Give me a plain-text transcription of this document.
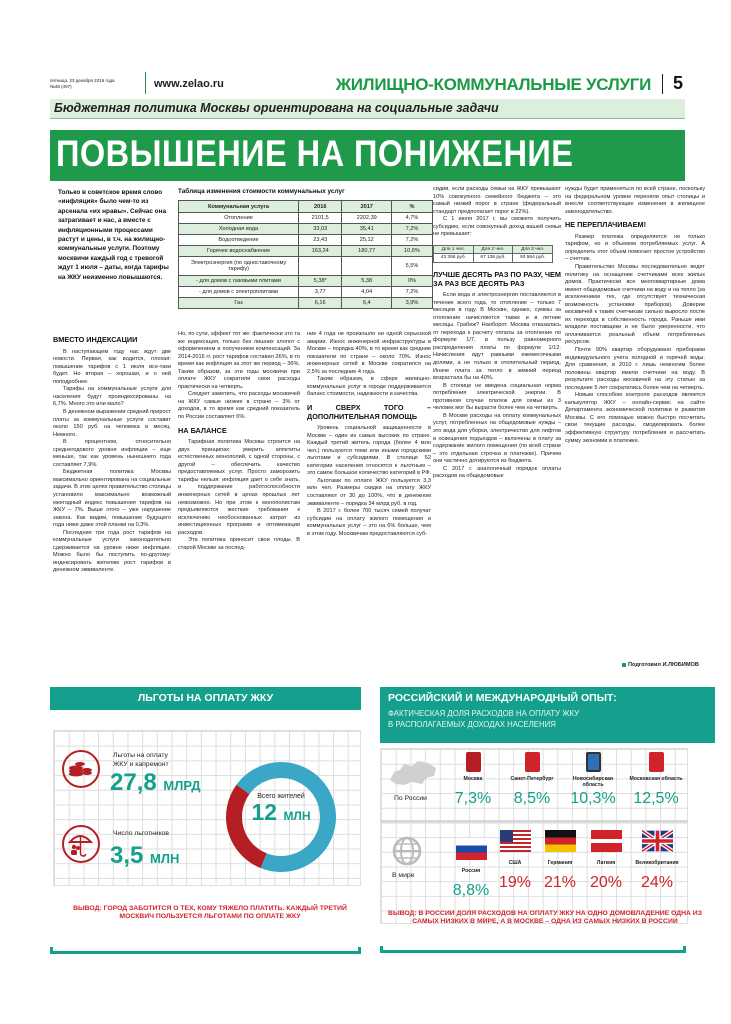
пятница, 23 декабря 2016 года
№48 (497)	www.zelao.ru	ЖИЛИЩНО-КОММУНАЛЬНЫЕ УСЛУГИ 5
Бюджетная политика Москвы ориентирована на социальные задачи
ПОВЫШЕНИЕ НА ПОНИЖЕНИЕ
Только в советское время слово «инфляция» было чем-то из арсенала «их нравы». Сейчас она затрагивает и нас, а вместе с инфляционными процессами растут и цены, в т.ч. на жилищно-коммунальные услуги. Поэтому москвичи каждый год с тревогой ждут 1 июля – даты, когда тарифы на ЖКУ неизменно повышаются.
Таблица изменения стоимости коммунальных услуг
Коммунальная услуга	2016	2017	%
Отопление	2101,5	2202,39	4,7%
Холодная вода	33,03	35,41	7,2%
Водоотведение	23,43	25,12	7,2%
Горячее водоснабжение	163,24	180,77	10,6%
Электроэнергия (по одноставочному тарифу)			5,5%
- для домов с газовыми плитами	5,38*	5,38	0%
- для домов с электроплитами	3,77	4,04	7,2%
Газ	6,16	6,4	3,9%
ВМЕСТО ИНДЕКСАЦИИ

В наступающем году нас ждут две новости. Первая, как водится, плохая: повышение тарифов с 1 июля все-таки будет. Но вторая – хорошая, и о ней поподробнее.

Тарифы на коммунальные услуги для населения будут проиндексированы на 6,7%. Много это или мало?

В денежном выражении средний прирост платы за коммунальные услуги составит около 150 руб. на человека в месяц. Немного.

В процентном, относительно среднегодового уровня инфляции – еще меньше, так как уровень нынешнего года составляет 7,9%.

Бюджетная политика Москвы максимально ориентирована на социальные задачи. В этих целях правительство столицы установило максимально возможный ежегодный индекс повышения тарифов на ЖКУ – 7%. Выше этого – уже нарушение закона. Как видим, повышение будущего года ниже даже этой планки на 0,3%.

Последние три года рост тарифов на коммунальные услуги законодательно сдерживается на уровне ниже инфляции. Можно было бы поступить по-другому: индексировать жителям рост тарифов в денежном эквиваленте.

Но, по сути, эффект тот же: фактически это та же индексация, только без лишних хлопот с оформлением и получением компенсаций. За 2014-2016 гг. рост тарифов составил 26%, в то время как инфляция за этот же период – 36%. Таким образом, за эти годы москвичи при оплате ЖКУ сократили свои расходы практически на четверть.

Следует заметить, что расходы москвичей на ЖКУ самые низкие в стране – 3% от доходов, в то время как средний показатель по России составляет 6%.

НА БАЛАНСЕ

Тарифная политика Москвы строится на двух принципах: умерить аппетиты естественных монополий, с одной стороны, с другой – обеспечить качество предоставляемых услуг. Просто заморозить тарифы нельзя: инфляция дает о себе знать, и поддержание работоспособности инженерных сетей в ценах прошлых лет невозможно. Но при этом к монополистам предъявляются жесткие требования к исключению необоснованных затрат из инвестиционных программ и оптимизации расходов.

Эта политика приносит свои плоды. В старой Москве за послед-

ние 4 года не произошло ни одной серьезной аварии. Износ инженерной инфраструктуры в Москве – порядка 40%, в то время как средние показатели по стране – около 70%. Износ инженерных сетей в Москве сократился на 2,5% за последние 4 года.

Таким образом, в сфере жилищно-коммунальных услуг в городе поддерживается баланс стоимости, надежности и качества.

И СВЕРХ ТОГО – ДОПОЛНИТЕЛЬНАЯ ПОМОЩЬ

Уровень социальной защищенности в Москве – один из самых высоких по стране. Каждый третий житель города (более 4 млн чел.) пользуются теми или иными городскими льготами и субсидиями. В столице 52 категории населения относятся к льготным – это самое большое количество категорий в РФ.

Льготами по оплате ЖКУ пользуется 3,3 млн чел. Размеры скидки на оплату ЖКУ составляют от 30 до 100%, что в денежном эквиваленте – порядка 34 млрд руб. в год.

В 2017 г. более 700 тысяч семей получат субсидии на оплату жилого помещения и коммунальных услуг – это на 6% больше, чем в этом году. Москвичам предоставляются суб-

сидии, если расходы семьи на ЖКУ превышают 10% совокупного семейного бюджета – это самый низкий порог в стране (федеральный стандарт предполагает порог в 22%).

С 1 июля 2017 г. вы сможете получить субсидию, если совокупный доход вашей семьи не превышает:

Для 1 чел.	Для 2 чел.	Для 3 чел.
43 356 руб.	67 136 руб.	93 564 руб.
ЛУЧШЕ ДЕСЯТЬ РАЗ ПО РАЗУ, ЧЕМ ЗА РАЗ ВСЕ ДЕСЯТЬ РАЗ

Если вода и электроэнергия поставляются в течение всего года, то отопление – только 7 месяцев в году. В Москве, однако, суммы за отопление начисляются также и в летние месяцы. Грабеж? Наоборот. Москва отказалась от перехода к расчету оплаты за отопление по формуле 1/7, в пользу равномерного распределения платы по формуле 1/12. Начисления идут равными ежемесячными долями, а не только в отопительный период. Иначе плата за тепло в зимний период возрастала бы на 40%.

В столице не введена социальная норма потребления электрической энергии. В противном случае платеж для семьи из 3 человек мог бы вырасти более чем на четверть.

В Москве расходы на оплату коммунальных услуг, потребленных на общедомовые нужды – это вода для уборки, электричество для лифтов и освещения подъездов – включены в плату за содержание жилого помещения (по всей стране – это отдельная строчка в платежке). Причем они частично дотируются из бюджета.

С 2017 г. аналогичный порядок оплаты расходов на общедомовые

нужды будет применяться по всей стране, поскольку на федеральном уровне переняли опыт столицы и внесли соответствующие изменения в жилищное законодательство.

НЕ ПЕРЕПЛАЧИВАЕМ!

Размер платежа определяется не только тарифом, но и объемом потребляемых услуг. А определить этот объем помогает простое устройство – счетчик.

Правительство Москвы последовательно ведет политику на оснащение счетчиками всех жилых домов. Практически все многоквартирные дома имеют общедомовые счетчики на воду и на тепло (за исключением тех, где отсутствует техническая возможность установки приборов). Доверие москвичей к таким счетчикам сильно выросло после их перехода в собственность города. Раньше ими владели поставщики и не было уверенности, что оплачивается реальный объем потребленных ресурсов.

Почти 90% квартир оборудовано приборами индивидуального учета холодной и горячей воды. Для сравнения, в 2010 г. лишь немногим более половины квартир имели счетчики на воду. В результате расходы москвичей на эту статью за последние 5 лет сократились более чем на четверть.

Новым способом контроля расходов является калькулятор ЖКУ – онлайн-сервис на сайте Департамента экономической политики и развития Москвы. С его помощью можно быстро посчитать свои текущие расходы, смоделировать более эффективную структуру потребления и рассчитать сумму экономии в платежке.

Подготовил И.ЛЮБИМОВ
ЛЬГОТЫ НА ОПЛАТУ ЖКУ
Льготы на оплату ЖКУ и капремонт
27,8 МЛРД
Число льготников
3,5 МЛН
Всего жителей
12 МЛН
ВЫВОД: ГОРОД ЗАБОТИТСЯ О ТЕХ, КОМУ ТЯЖЕЛО ПЛАТИТЬ. КАЖДЫЙ ТРЕТИЙ МОСКВИЧ ПОЛЬЗУЕТСЯ ЛЬГОТАМИ ПО ОПЛАТЕ ЖКУ
РОССИЙСКИЙ И МЕЖДУНАРОДНЫЙ ОПЫТ:
ФАКТИЧЕСКАЯ ДОЛЯ РАСХОДОВ НА ОПЛАТУ ЖКУ
В РАСПОЛАГАЕМЫХ ДОХОДАХ НАСЕЛЕНИЯ
По России
Москва
7,3%
Санкт-Петербург
8,5%
Новосибирская область
10,3%
Московская область
12,5%
В мире
Россия
8,8%
США
19%
Германия
21%
Латвия
20%
Великобритания
24%
ВЫВОД: В РОССИИ ДОЛЯ РАСХОДОВ НА ОПЛАТУ ЖКУ НА ОДНО ДОМОВЛАДЕНИЕ ОДНА ИЗ САМЫХ НИЗКИХ В МИРЕ, А В МОСКВЕ – ОДНА ИЗ САМЫХ НИЗКИХ В РОССИИ
